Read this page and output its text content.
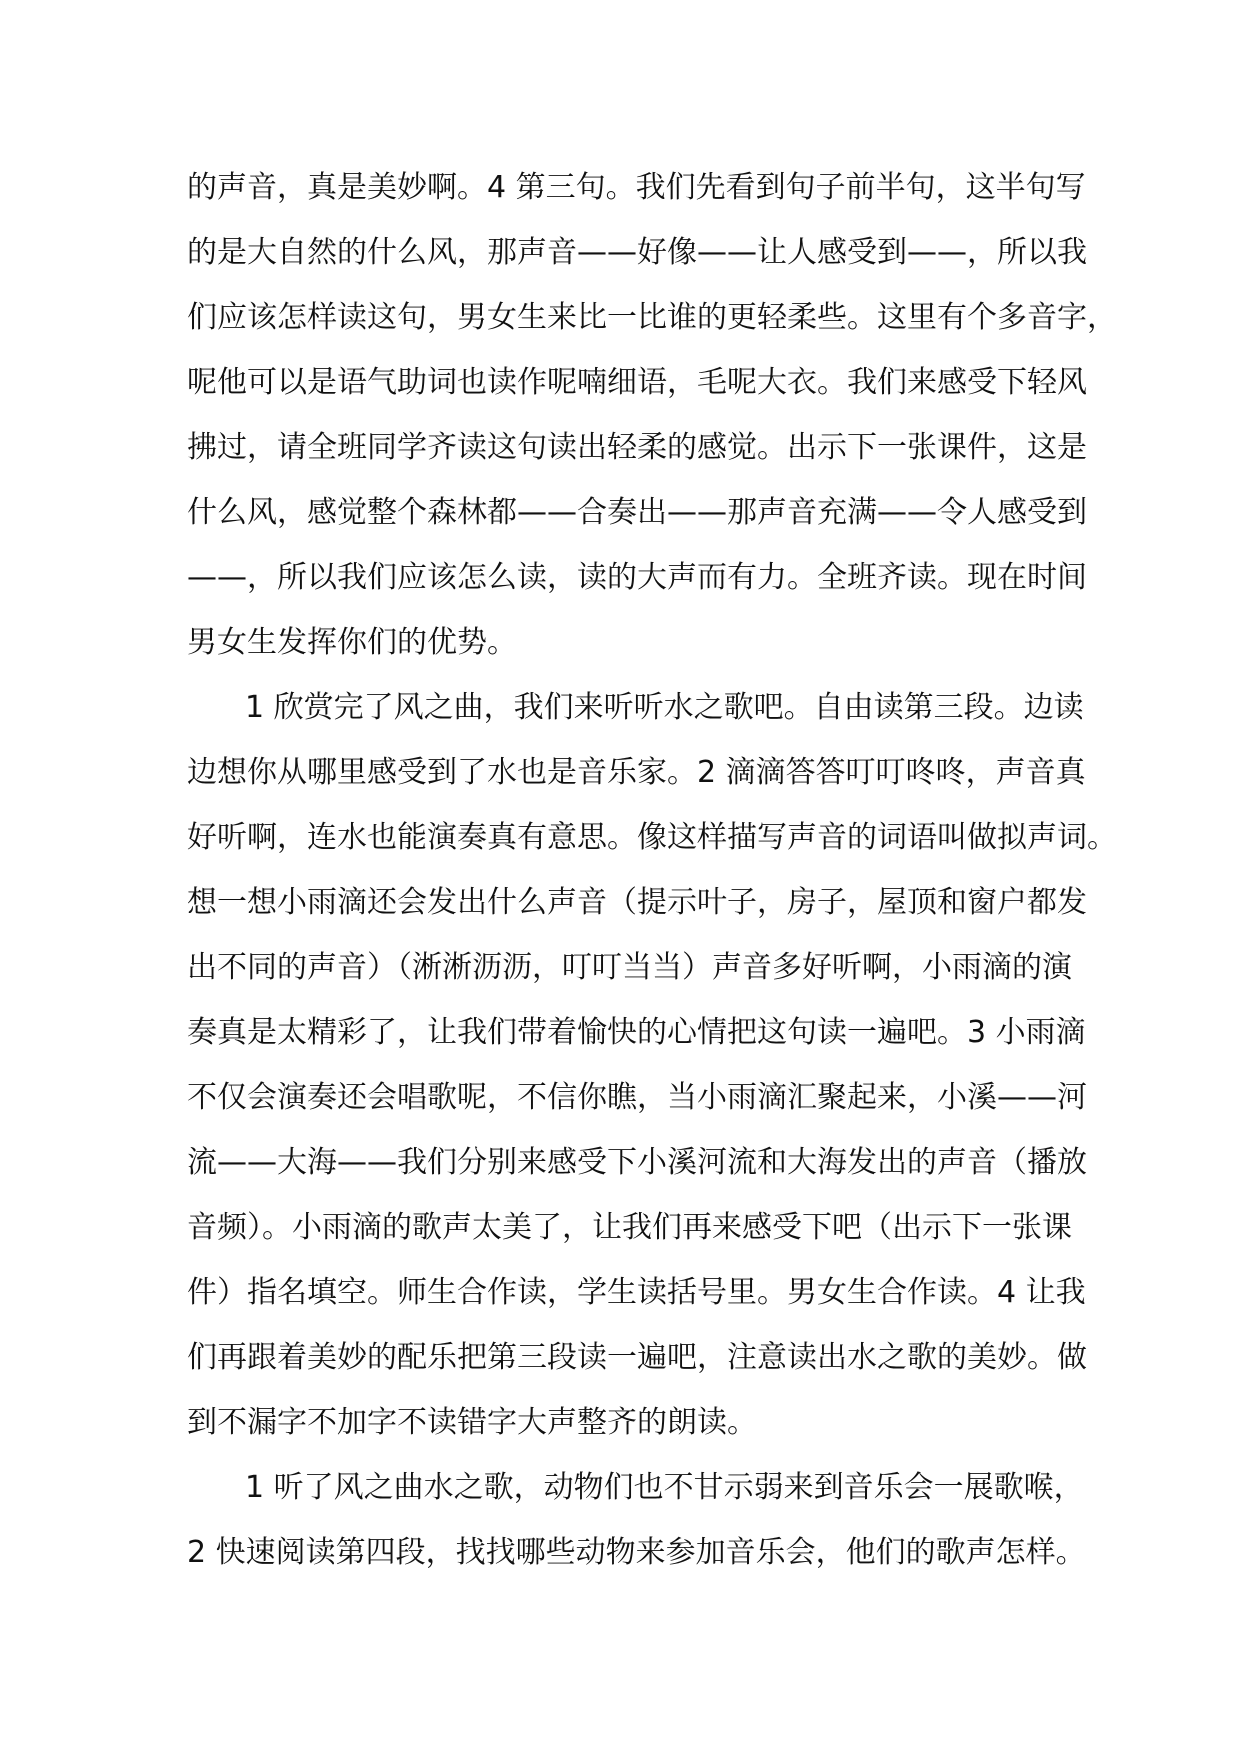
的声音，真是美妙啊。4 第三句。我们先看到句子前半句，这半句写
的是大自然的什么风，那声音——好像——让人感受到——，所以我
们应该怎样读这句，男女生来比一比谁的更轻柔些。这里有个多音字，
呢他可以是语气助词也读作呢喃细语，毛呢大衣。我们来感受下轻风
拂过，请全班同学齐读这句读出轻柔的感觉。出示下一张课件，这是
什么风，感觉整个森林都——合奏出——那声音充满——令人感受到
——，所以我们应该怎么读，读的大声而有力。全班齐读。现在时间
男女生发挥你们的优势。
1 欣赏完了风之曲，我们来听听水之歌吧。自由读第三段。边读
边想你从哪里感受到了水也是音乐家。2 滴滴答答叮叮咚咚，声音真
好听啊，连水也能演奏真有意思。像这样描写声音的词语叫做拟声词。
想一想小雨滴还会发出什么声音（提示叶子，房子，屋顶和窗户都发
出不同的声音）（淅淅沥沥，叮叮当当）声音多好听啊，小雨滴的演
奏真是太精彩了，让我们带着愉快的心情把这句读一遍吧。3 小雨滴
不仅会演奏还会唱歌呢，不信你瞧，当小雨滴汇聚起来，小溪——河
流——大海——我们分别来感受下小溪河流和大海发出的声音（播放
音频）。小雨滴的歌声太美了，让我们再来感受下吧（出示下一张课
件）指名填空。师生合作读，学生读括号里。男女生合作读。4 让我
们再跟着美妙的配乐把第三段读一遍吧，注意读出水之歌的美妙。做
到不漏字不加字不读错字大声整齐的朗读。
1 听了风之曲水之歌，动物们也不甘示弱来到音乐会一展歌喉，
2 快速阅读第四段，找找哪些动物来参加音乐会，他们的歌声怎样。
